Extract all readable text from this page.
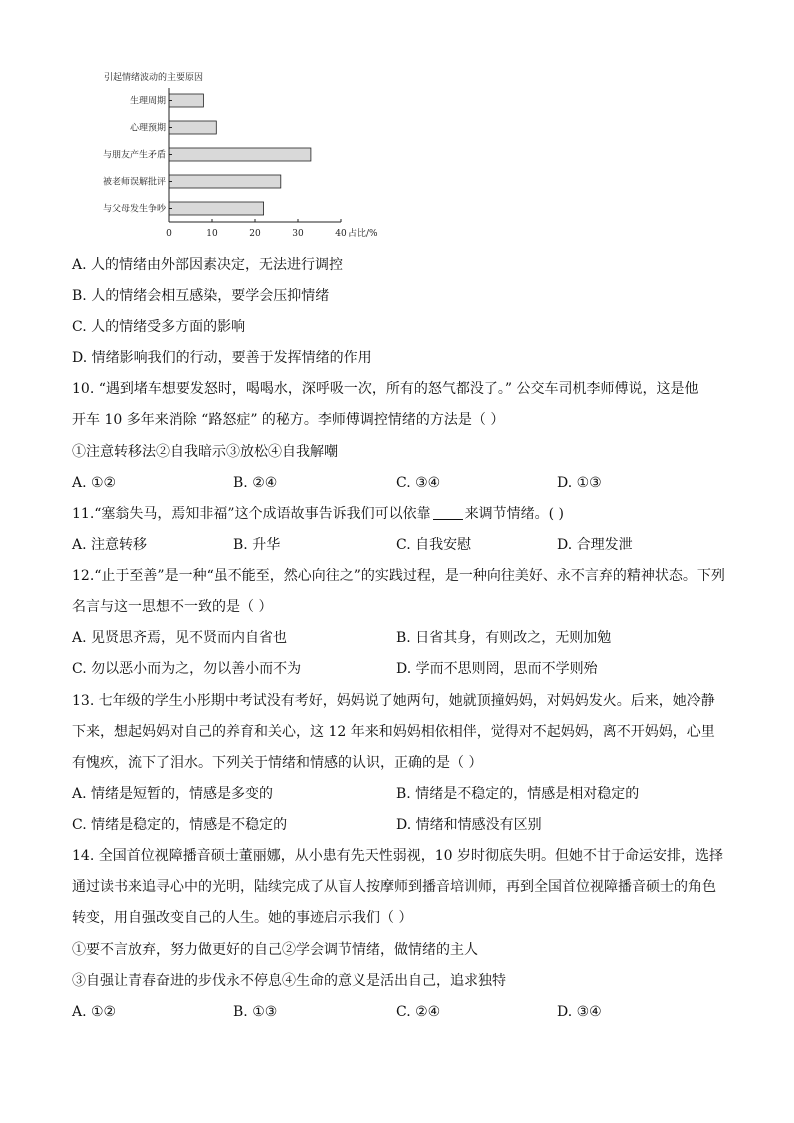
引起情绪波动的主要原因
生理周期
心理预期
与朋友产生矛盾
被老师误解批评
与父母发生争吵
0	10	20	30	40 占比/%
A. 人的情绪由外部因素决定，无法进行调控
B. 人的情绪会相互感染，要学会压抑情绪
C. 人的情绪受多方面的影响
D. 情绪影响我们的行动，要善于发挥情绪的作用
10. “遇到堵车想要发怒时，喝喝水，深呼吸一次，所有的怒气都没了。” 公交车司机李师傅说，这是他
开车 10 多年来消除 “路怒症” 的秘方。李师傅调控情绪的方法是（ ）
①注意转移法②自我暗示③放松④自我解嘲
A. ①②	B. ②④	C. ③④	D. ①③
11.“塞翁失马，焉知非福”这个成语故事告诉我们可以依靠 来调节情绪。( )
A. 注意转移	B. 升华	C. 自我安慰	D. 合理发泄
12.“止于至善”是一种“虽不能至，然心向往之”的实践过程，是一种向往美好、永不言弃的精神状态。下列
名言与这一思想不一致的是（ ）
A. 见贤思齐焉，见不贤而内自省也	B. 日省其身，有则改之，无则加勉
C. 勿以恶小而为之，勿以善小而不为	D. 学而不思则罔，思而不学则殆
13. 七年级的学生小彤期中考试没有考好，妈妈说了她两句，她就顶撞妈妈，对妈妈发火。后来，她冷静
下来，想起妈妈对自己的养育和关心，这 12 年来和妈妈相依相伴，觉得对不起妈妈，离不开妈妈，心里
有愧疚，流下了泪水。下列关于情绪和情感的认识，正确的是（ ）
A. 情绪是短暂的，情感是多变的	B. 情绪是不稳定的，情感是相对稳定的
C. 情绪是稳定的，情感是不稳定的	D. 情绪和情感没有区别
14. 全国首位视障播音硕士董丽娜，从小患有先天性弱视，10 岁时彻底失明。但她不甘于命运安排，选择
通过读书来追寻心中的光明，陆续完成了从盲人按摩师到播音培训师，再到全国首位视障播音硕士的角色
转变，用自强改变自己的人生。她的事迹启示我们（ ）
①要不言放弃，努力做更好的自己②学会调节情绪，做情绪的主人
③自强让青春奋进的步伐永不停息④生命的意义是活出自己，追求独特
A. ①②	B. ①③	C. ②④	D. ③④
